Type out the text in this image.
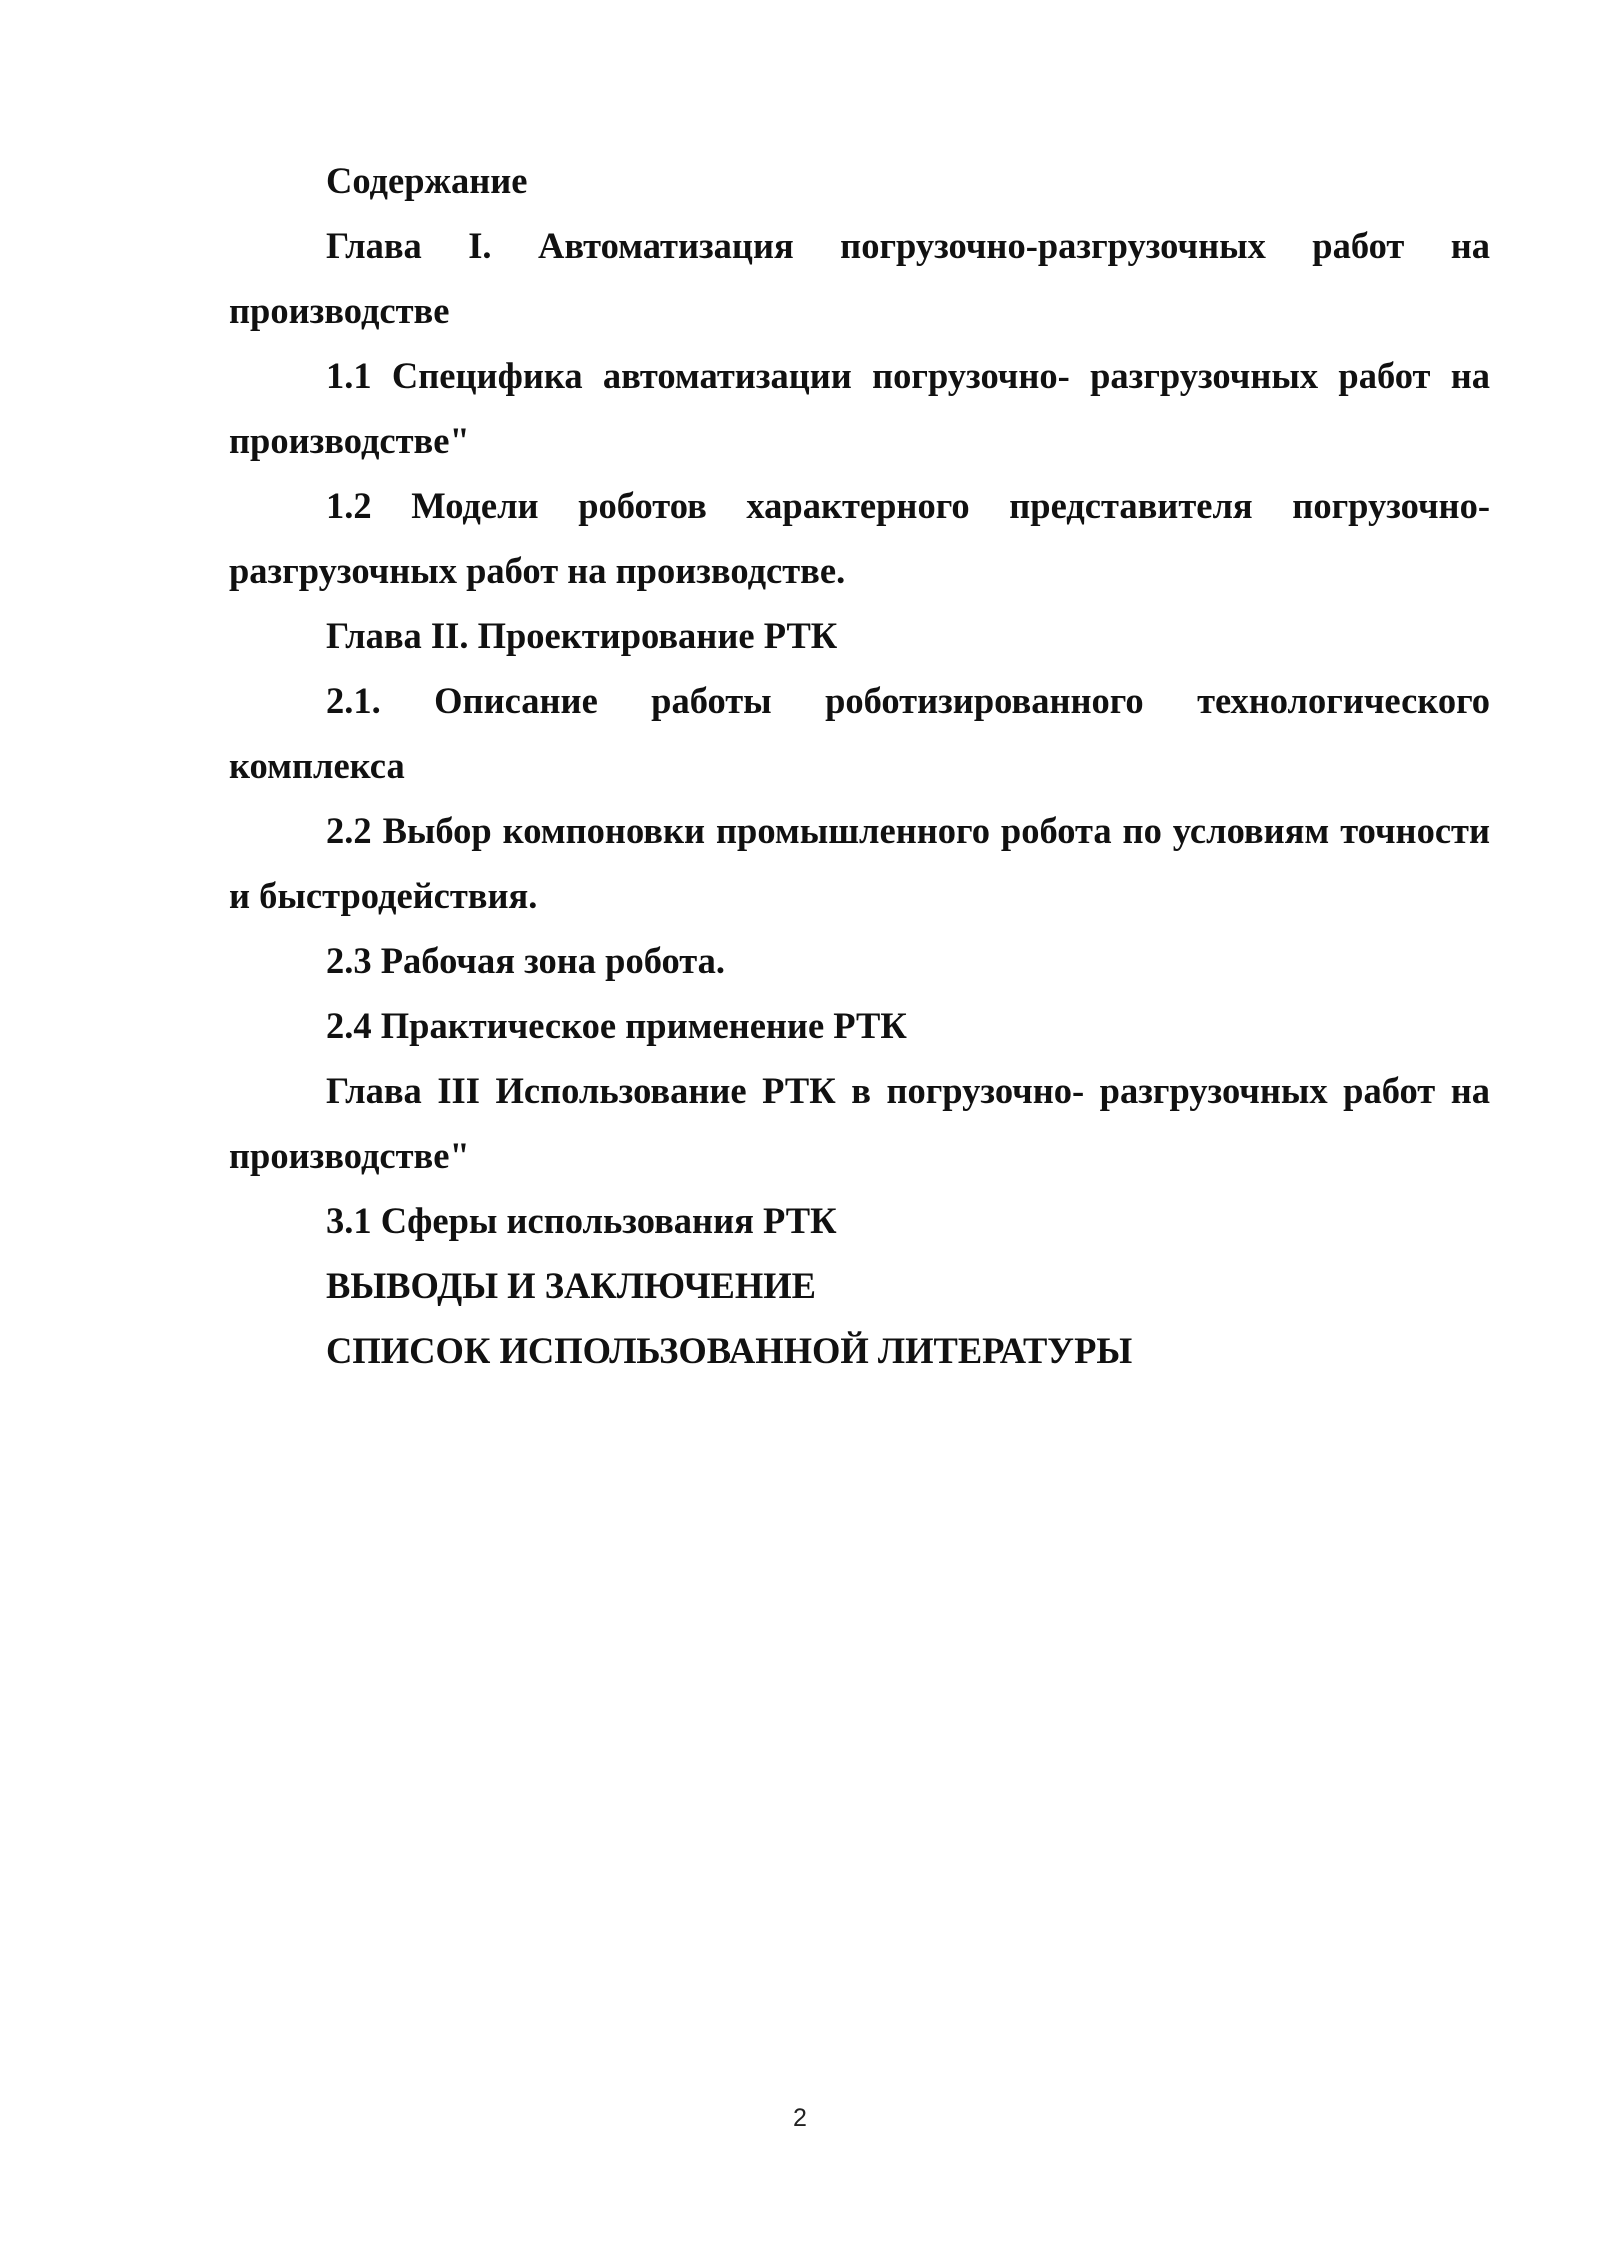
Содержание

Глава I. Автоматизация погрузочно-разгрузочных работ на производстве

1.1 Специфика автоматизации погрузочно- разгрузочных работ на производстве"

1.2 Модели роботов характерного представителя погрузочно-разгрузочных работ на производстве.

Глава II. Проектирование РТК

2.1. Описание работы роботизированного технологического комплекса

2.2 Выбор компоновки промышленного робота по условиям точности и быстродействия.

2.3 Рабочая зона робота.

2.4 Практическое применение РТК

Глава III Использование РТК в погрузочно- разгрузочных работ на производстве"

3.1 Сферы использования РТК

ВЫВОДЫ И ЗАКЛЮЧЕНИЕ

СПИСОК ИСПОЛЬЗОВАННОЙ ЛИТЕРАТУРЫ

2
